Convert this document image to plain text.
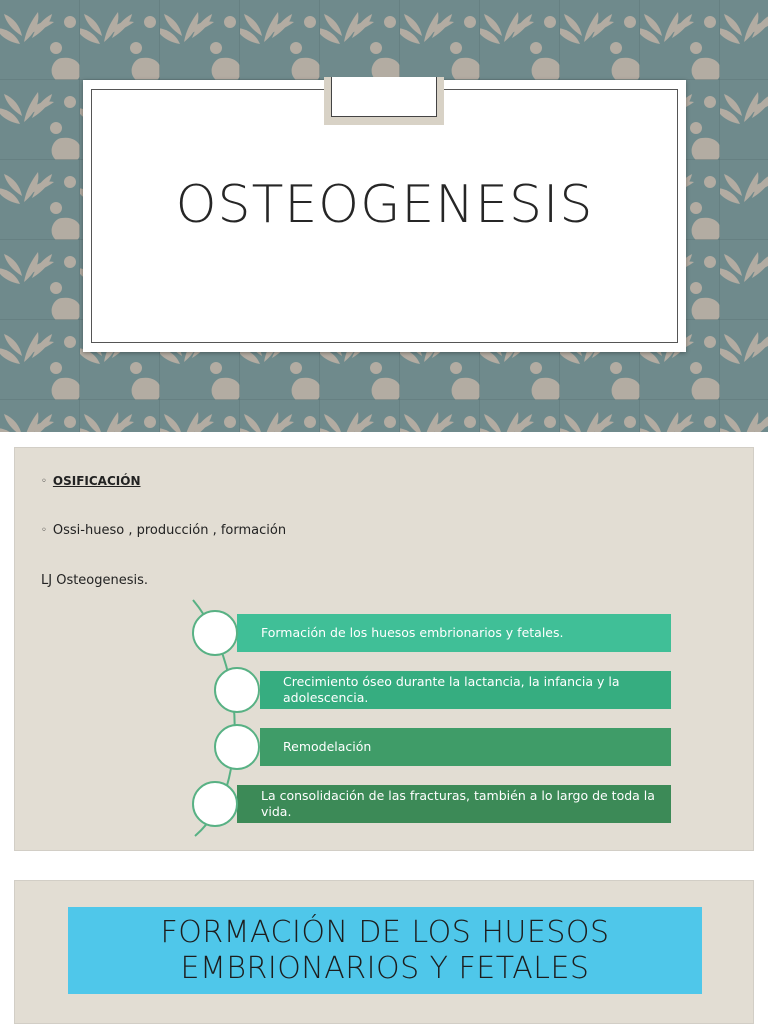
OSTEOGENESIS
◦ OSIFICACIÓN
◦ Ossi-hueso , producción , formación
LJ Osteogenesis.
Formación de los huesos embrionarios y fetales.
Crecimiento óseo durante la lactancia, la infancia y la adolescencia.
Remodelación
La consolidación de las fracturas, también a lo largo de toda la vida.
FORMACIÓN DE LOS HUESOS
EMBRIONARIOS Y FETALES
